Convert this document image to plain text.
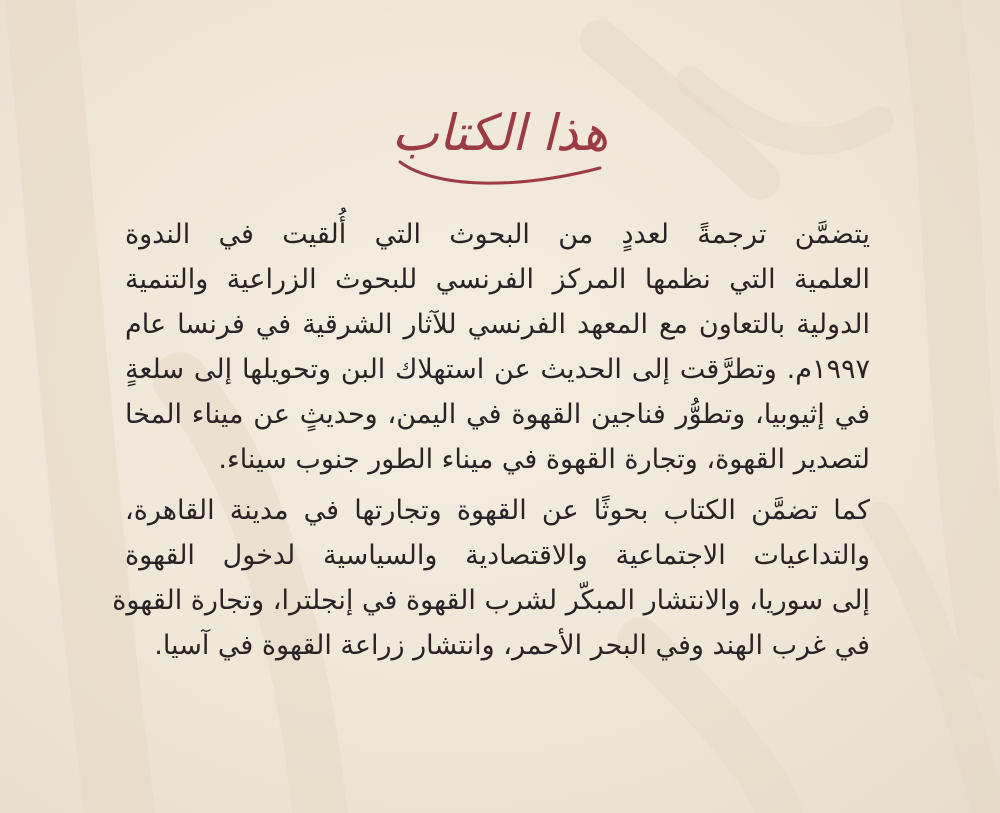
هذا الكتاب
يتضمَّن ترجمةً لعددٍ من البحوث التي أُلقيت في الندوة
العلمية التي نظمها المركز الفرنسي للبحوث الزراعية والتنمية
الدولية بالتعاون مع المعهد الفرنسي للآثار الشرقية في فرنسا عام
١٩٩٧م. وتطرَّقت إلى الحديث عن استهلاك البن وتحويلها إلى سلعةٍ
في إثيوبيا، وتطوُّر فناجين القهوة في اليمن، وحديثٍ عن ميناء المخا
لتصدير القهوة، وتجارة القهوة في ميناء الطور جنوب سيناء.
كما تضمَّن الكتاب بحوثًا عن القهوة وتجارتها في مدينة القاهرة،
والتداعيات الاجتماعية والاقتصادية والسياسية لدخول القهوة
إلى سوريا، والانتشار المبكّر لشرب القهوة في إنجلترا، وتجارة القهوة
في غرب الهند وفي البحر الأحمر، وانتشار زراعة القهوة في آسيا.
